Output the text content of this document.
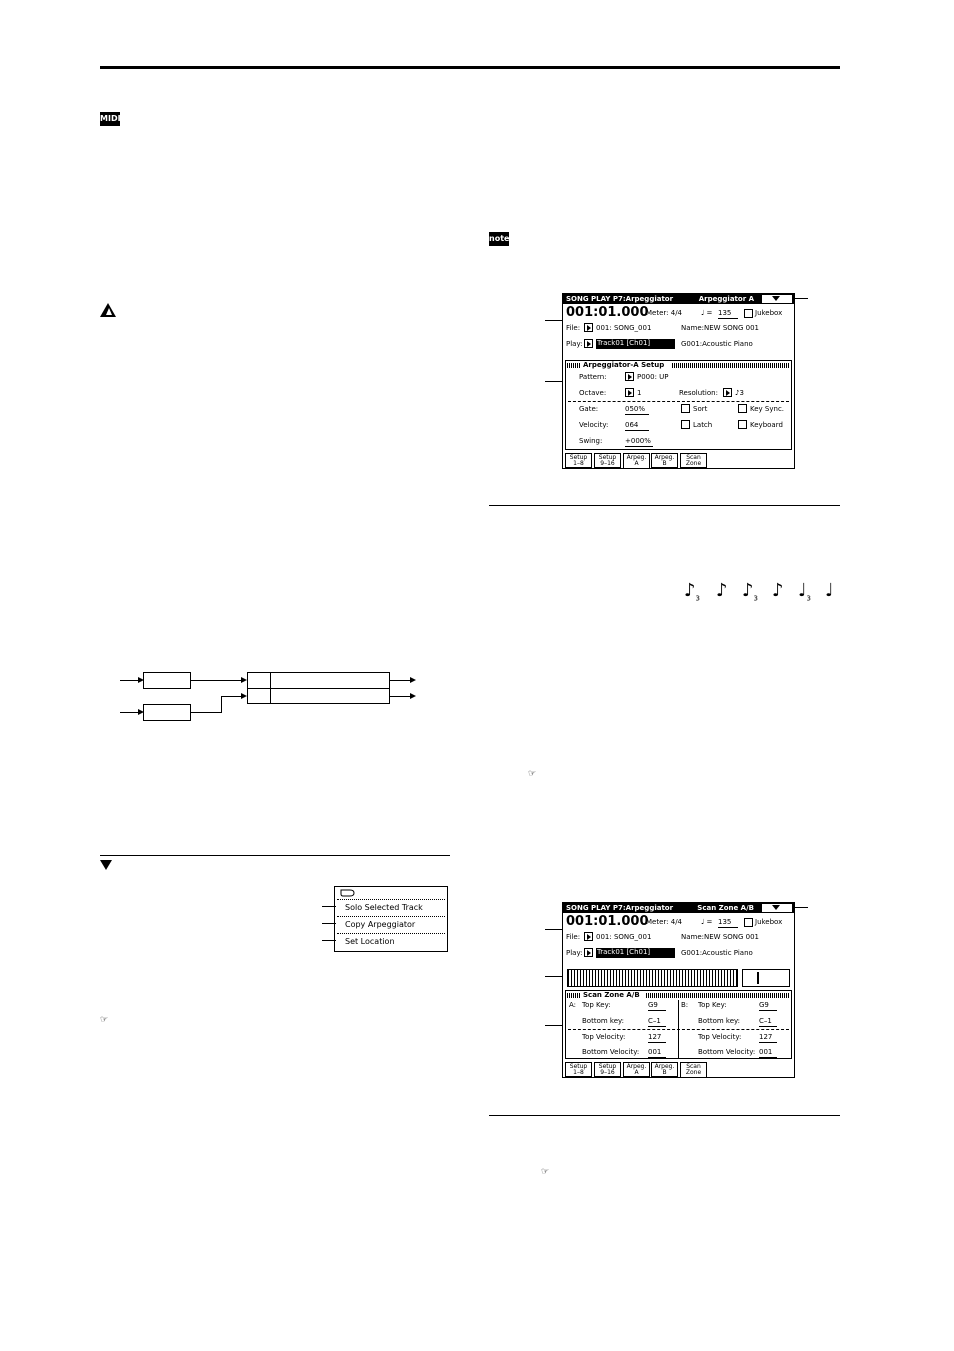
MIDI
note
Solo Selected Track
Copy Arpeggiator
Set Location
☞
SONG PLAY P7:Arpeggiator	Arpeggiator A
001:01.000
Meter: 4/4	♩ = 135	Jukebox
File: 001: SONG_001	Name:NEW SONG 001
Play: Track01 [Ch01]	G001:Acoustic Piano
Arpeggiator-A Setup
Pattern:	P000: UP
Octave:	1	Resolution: ♪3
Gate:	050%	Sort	Key Sync.
Velocity: 064	Latch	Keyboard
Swing:	+000%
Setup
1–8
Setup
9–16
Arpeg.
A
Arpeg.
B
Scan
Zone
$♪_3$ ♪ $♪_3$ ♪ $♩_3$ ♩
☞
SONG PLAY P7:Arpeggiator	Scan Zone A/B
001:01.000
Meter: 4/4	♩ = 135	Jukebox
File: 001: SONG_001	Name:NEW SONG 001
Play: Track01 [Ch01]	G001:Acoustic Piano
Scan Zone A/B
A: Top Key:	G9	B: Top Key:	G9
Bottom key:	C–1	Bottom key:	C–1
Top Velocity:	127	Top Velocity:	127
Bottom Velocity: 001	Bottom Velocity: 001
Setup
1–8
Setup
9–16
Arpeg.
A
Arpeg.
B
Scan
Zone
☞
